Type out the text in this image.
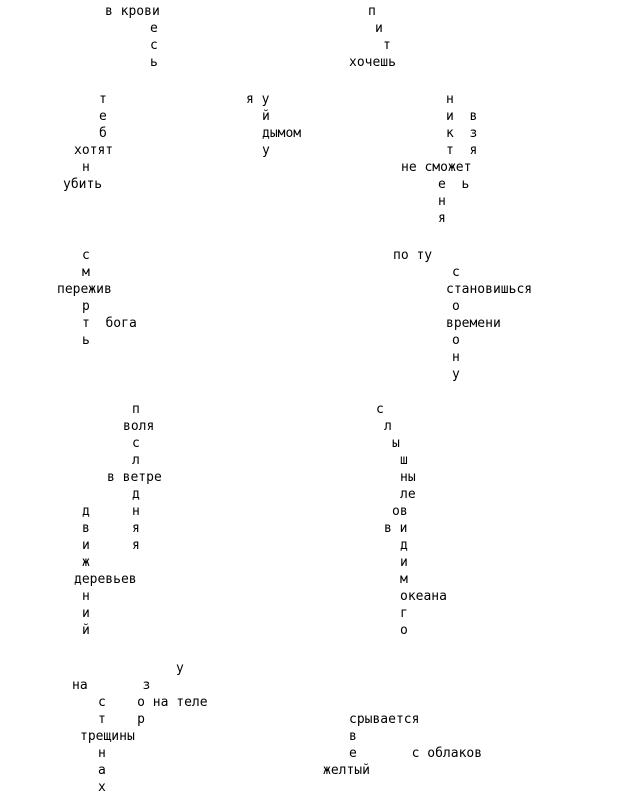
в крови
е
с
ь
п
и
т
хочешь
т
е
б
хотят
н
убить
я у
й
дымом
у
н
и  в
к  з
т  я
не сможет
е  ь
н
я
с
м
пережив
р
т  бога
ь
по ту
с
становишься
о
времени
о
н
у
п
воля
с
л
в ветре
д
н
я
я
д
в
и
ж
деревьев
н
и
й
с
л
ы
ш
ны
ле
ов
в и
д
и
м
океана
г
о
у
на       з
с    о на теле
т    р
трещины
н
а
х
срывается
в
е       с облаков
желтый
